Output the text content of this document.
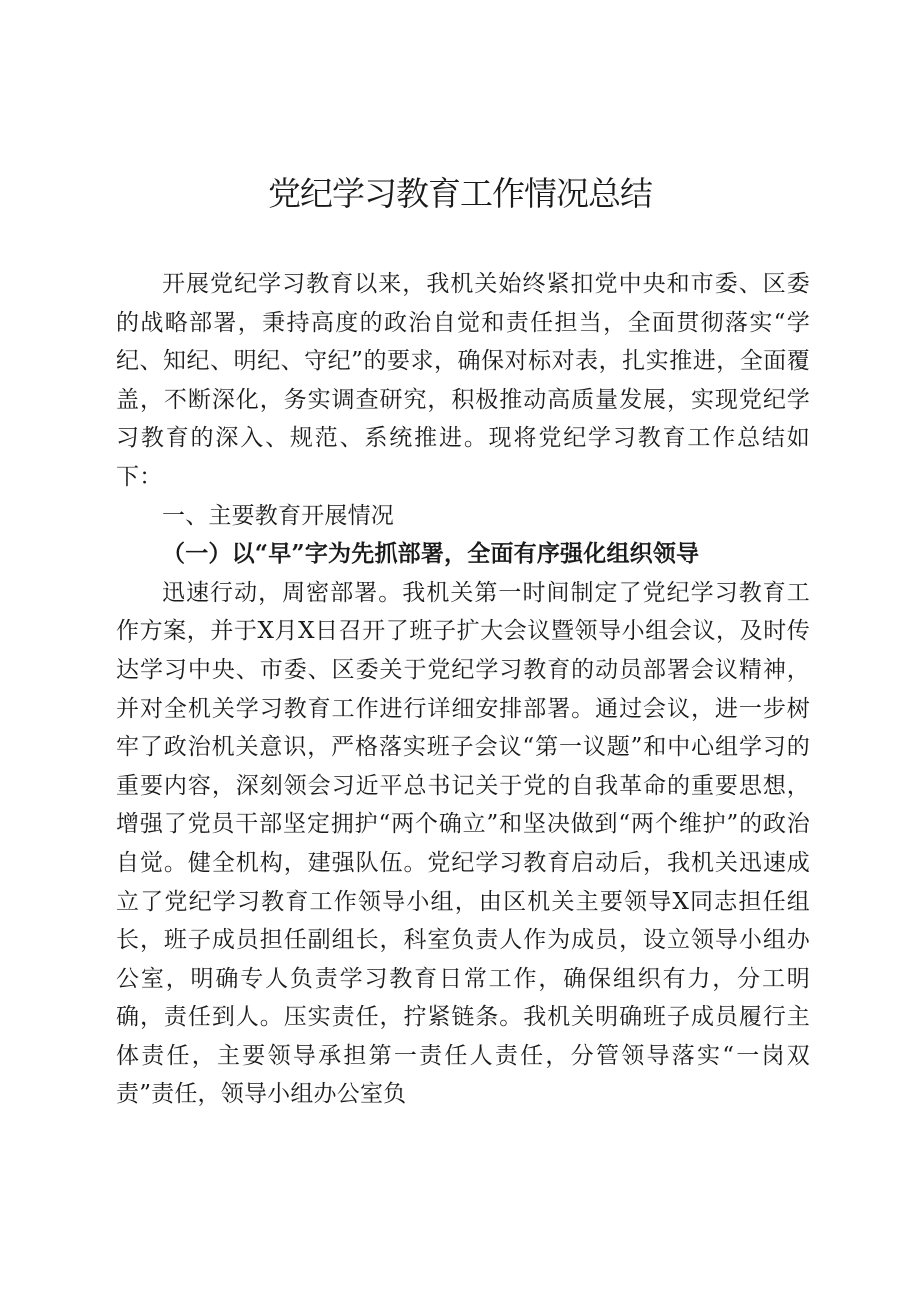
党纪学习教育工作情况总结

开展党纪学习教育以来，我机关始终紧扣党中央和市委、区委的战略部署，秉持高度的政治自觉和责任担当，全面贯彻落实“学纪、知纪、明纪、守纪”的要求，确保对标对表，扎实推进，全面覆盖，不断深化，务实调查研究，积极推动高质量发展，实现党纪学习教育的深入、规范、系统推进。现将党纪学习教育工作总结如下：

一、主要教育开展情况

（一）以“早”字为先抓部署，全面有序强化组织领导

迅速行动，周密部署。我机关第一时间制定了党纪学习教育工作方案，并于X月X日召开了班子扩大会议暨领导小组会议，及时传达学习中央、市委、区委关于党纪学习教育的动员部署会议精神，并对全机关学习教育工作进行详细安排部署。通过会议，进一步树牢了政治机关意识，严格落实班子会议“第一议题”和中心组学习的重要内容，深刻领会习近平总书记关于党的自我革命的重要思想，增强了党员干部坚定拥护“两个确立”和坚决做到“两个维护”的政治自觉。健全机构，建强队伍。党纪学习教育启动后，我机关迅速成立了党纪学习教育工作领导小组，由区机关主要领导X同志担任组长，班子成员担任副组长，科室负责人作为成员，设立领导小组办公室，明确专人负责学习教育日常工作，确保组织有力，分工明确，责任到人。压实责任，拧紧链条。我机关明确班子成员履行主体责任，主要领导承担第一责任人责任，分管领导落实“一岗双责”责任，领导小组办公室负
